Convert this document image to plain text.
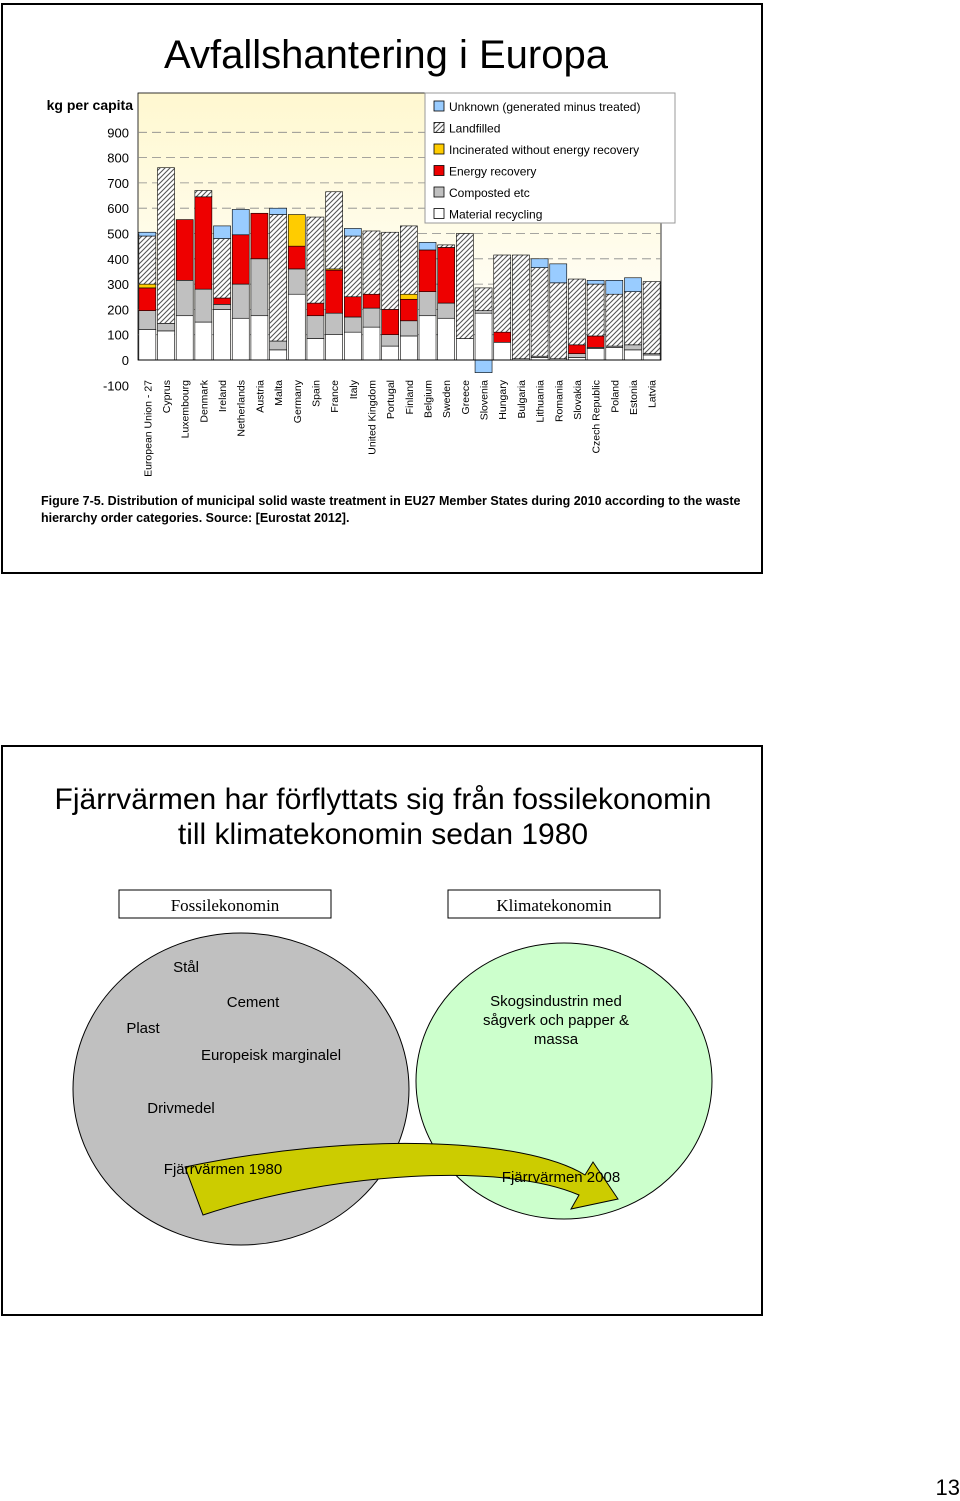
Avfallshantering i Europa
kg per capita
-100
0
100
200
300
400
500
600
700
800
900
European Union - 27 Cyprus Luxembourg Denmark Ireland Netherlands Austria Malta Germany Spain France Italy United Kingdom Portugal Finland Belgium Sweden Greece Slovenia Hungary Bulgaria Lithuania Romania Slovakia Czech Republic Poland Estonia Latvia
Unknown (generated minus treated)
Landfilled
Incinerated without energy recovery
Energy recovery
Composted etc
Material recycling
Figure 7-5. Distribution of municipal solid waste treatment in EU27 Member States during 2010 according to the waste hierarchy order categories. Source: [Eurostat 2012].
Fjärrvärmen har förflyttats sig från fossilekonomin
till klimatekonomin sedan 1980
Fossilekonomin	Klimatekonomin
Stål
Cement
Plast
Europeisk marginalel
Drivmedel
Fjärrvärmen 1980
Skogsindustrin med
sågverk och papper &
massa
Fjärrvärmen 2008
13
